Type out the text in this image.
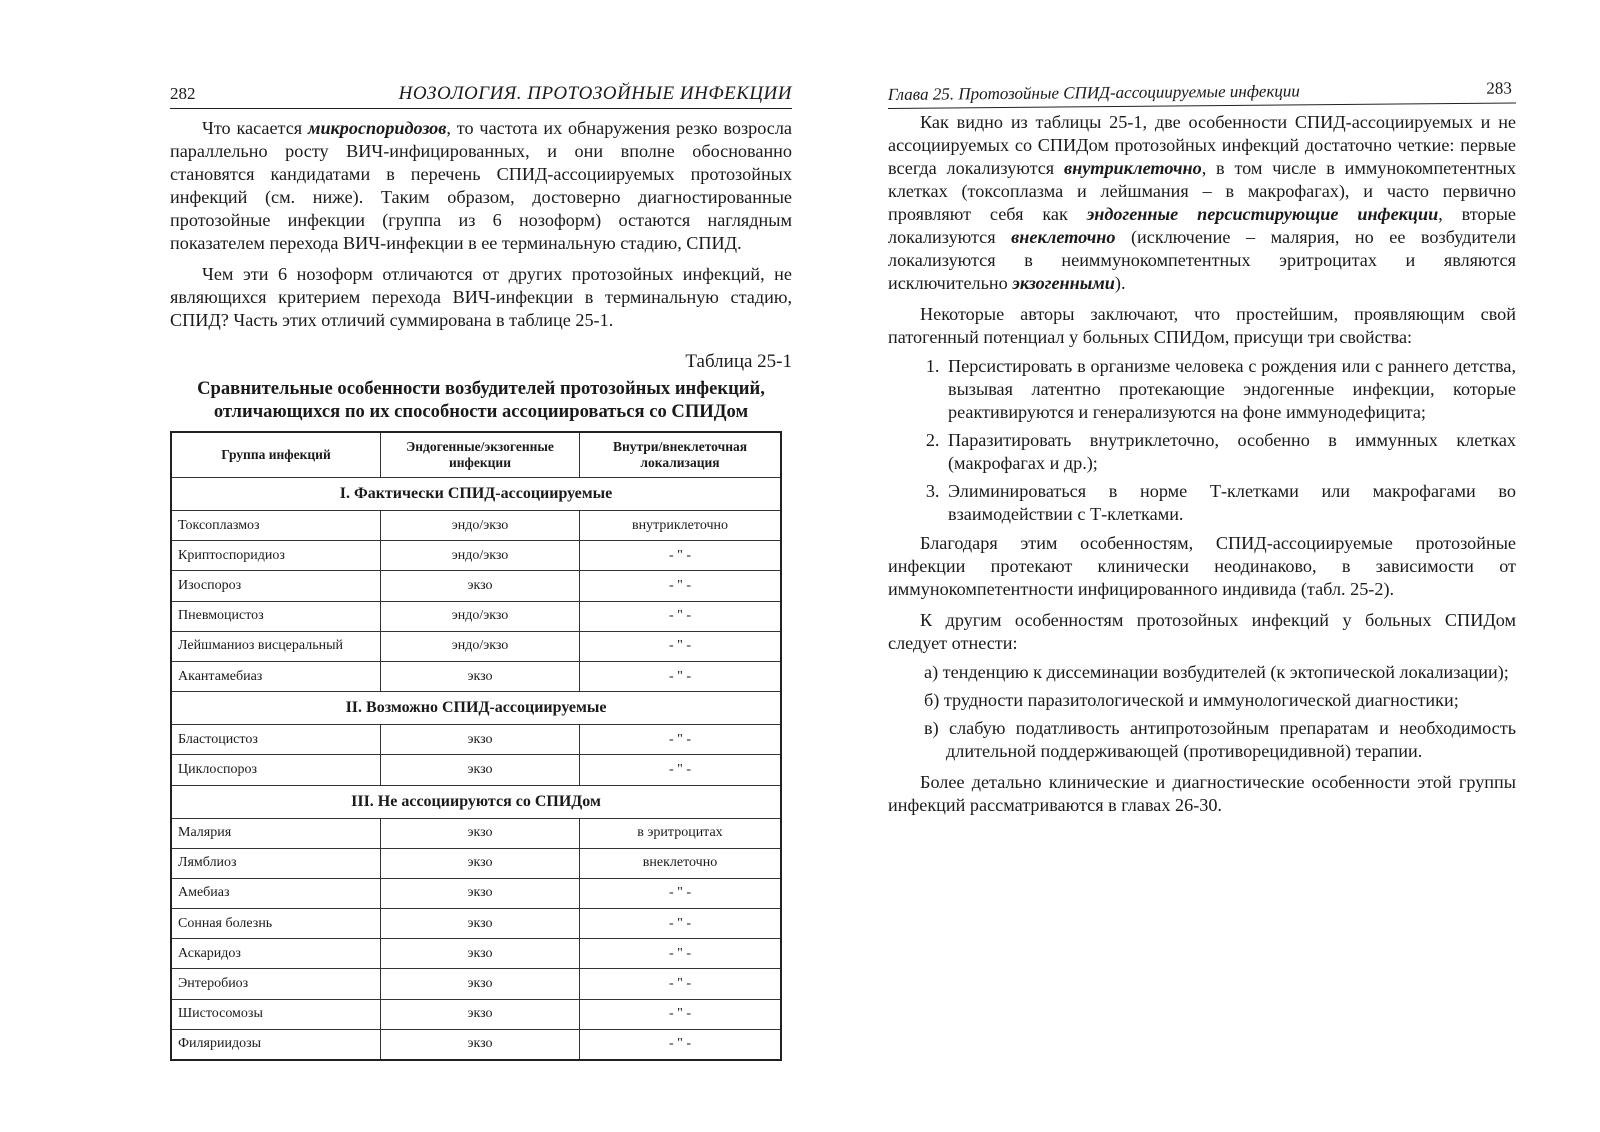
282	НОЗОЛОГИЯ. ПРОТОЗОЙНЫЕ ИНФЕКЦИИ

Что касается микроспоридозов, то частота их обнаружения резко возросла параллельно росту ВИЧ-инфицированных, и они вполне обоснованно становятся кандидатами в перечень СПИД-ассоциируемых протозойных инфекций (см. ниже). Таким образом, достоверно диагностированные протозойные инфекции (группа из 6 нозоформ) остаются наглядным показателем перехода ВИЧ-инфекции в ее терминальную стадию, СПИД.

Чем эти 6 нозоформ отличаются от других протозойных инфекций, не являющихся критерием перехода ВИЧ-инфекции в терминальную стадию, СПИД? Часть этих отличий суммирована в таблице 25-1.

Таблица 25-1
Сравнительные особенности возбудителей протозойных инфекций,
отличающихся по их способности ассоциироваться со СПИДом
Группа инфекций	Эндогенные/экзогенные инфекции	Внутри/внеклеточная локализация
I. Фактически СПИД-ассоциируемые		
Токсоплазмоз	эндо/экзо	внутриклеточно
Криптоспоридиоз	эндо/экзо	- " -
Изоспороз	экзо	- " -
Пневмоцистоз	эндо/экзо	- " -
Лейшманиоз висцеральный	эндо/экзо	- " -
Акантамебиаз	экзо	- " -
II. Возможно СПИД-ассоциируемые		
Бластоцистоз	экзо	- " -
Циклоспороз	экзо	- " -
III. Не ассоциируются со СПИДом		
Малярия	экзо	в эритроцитах
Лямблиоз	экзо	внеклеточно
Амебиаз	экзо	- " -
Сонная болезнь	экзо	- " -
Аскаридоз	экзо	- " -
Энтеробиоз	экзо	- " -
Шистосомозы	экзо	- " -
Филяриидозы	экзо	- " -
Глава 25. Протозойные СПИД-ассоциируемые инфекции	283

Как видно из таблицы 25-1, две особенности СПИД-ассоциируемых и не ассоциируемых со СПИДом протозойных инфекций достаточно четкие: первые всегда локализуются внутриклеточно, в том числе в иммунокомпетентных клетках (токсоплазма и лейшмания – в макрофагах), и часто первично проявляют себя как эндогенные персистирующие инфекции, вторые локализуются внеклеточно (исключение – малярия, но ее возбудители локализуются в неиммунокомпетентных эритроцитах и являются исключительно экзогенными).

Некоторые авторы заключают, что простейшим, проявляющим свой патогенный потенциал у больных СПИДом, присущи три свойства:

1. Персистировать в организме человека с рождения или с раннего детства, вызывая латентно протекающие эндогенные инфекции, которые реактивируются и генерализуются на фоне иммунодефицита;
2. Паразитировать внутриклеточно, особенно в иммунных клетках (макрофагах и др.);
3. Элиминироваться в норме Т-клетками или макрофагами во взаимодействии с Т-клетками.

Благодаря этим особенностям, СПИД-ассоциируемые протозойные инфекции протекают клинически неодинаково, в зависимости от иммунокомпетентности инфицированного индивида (табл. 25-2).

К другим особенностям протозойных инфекций у больных СПИДом следует отнести:

а) тенденцию к диссеминации возбудителей (к эктопической локализации);
б) трудности паразитологической и иммунологической диагностики;
в) слабую податливость антипротозойным препаратам и необходимость длительной поддерживающей (противорецидивной) терапии.

Более детально клинические и диагностические особенности этой группы инфекций рассматриваются в главах 26-30.
